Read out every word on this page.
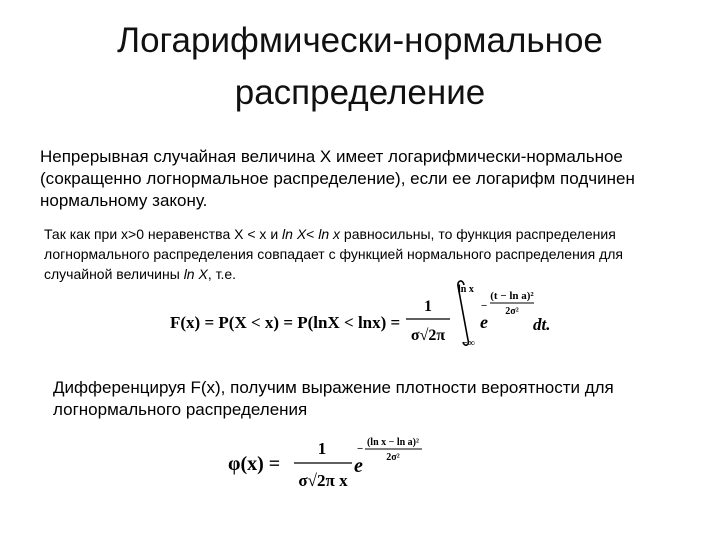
Логарифмически-нормальное
распределение
Непрерывная случайная величина X имеет логарифмически-нормальное (сокращенно логнормальное распределение), если ее логарифм подчинен нормальному закону.
Так как при x>0 неравенства X < x и ln X< ln x равносильны, то функция распределения логнормального распределения совпадает с функцией нормального распределения для случайной величины ln X, т.е.
F(x) = P(X < x) = P(lnX < lnx) =
1
σ√2π
ln x
−∞
e
−
(t − ln a)²
2σ²
dt.
Дифференцируя F(x), получим выражение плотности вероятности для логнормального распределения
φ(x) =
1
σ√2π x
e
−
(ln x − ln a)²
2σ²
